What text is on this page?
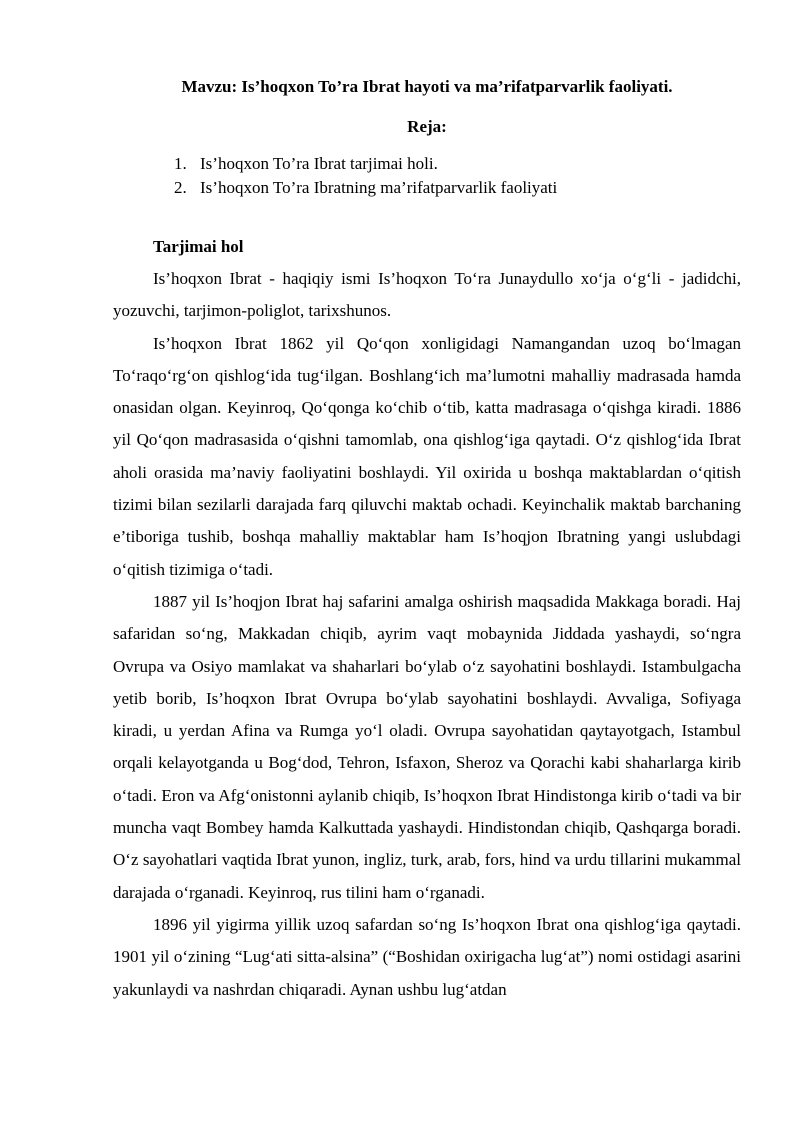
Mavzu: Is’hoqxon To’ra Ibrat hayoti va ma’rifatparvarlik faoliyati.
Reja:
1. Is’hoqxon To’ra Ibrat tarjimai holi.
2. Is’hoqxon To’ra Ibratning ma’rifatparvarlik faoliyati
Tarjimai hol

Is’hoqxon Ibrat - haqiqiy ismi Is’hoqxon To‘ra Junaydullo xo‘ja o‘g‘li - jadidchi, yozuvchi, tarjimon-poliglot, tarixshunos.

Is’hoqxon Ibrat 1862 yil Qo‘qon xonligidagi Namangandan uzoq bo‘lmagan To‘raqo‘rg‘on qishlog‘ida tug‘ilgan. Boshlang‘ich ma’lumotni mahalliy madrasada hamda onasidan olgan. Keyinroq, Qo‘qonga ko‘chib o‘tib, katta madrasaga o‘qishga kiradi. 1886 yil Qo‘qon madrasasida o‘qishni tamomlab, ona qishlog‘iga qaytadi. O‘z qishlog‘ida Ibrat aholi orasida ma’naviy faoliyatini boshlaydi. Yil oxirida u boshqa maktablardan o‘qitish tizimi bilan sezilarli darajada farq qiluvchi maktab ochadi. Keyinchalik maktab barchaning e’tiboriga tushib, boshqa mahalliy maktablar ham Is’hoqjon Ibratning yangi uslubdagi o‘qitish tizimiga o‘tadi.

1887 yil Is’hoqjon Ibrat haj safarini amalga oshirish maqsadida Makkaga boradi. Haj safaridan so‘ng, Makkadan chiqib, ayrim vaqt mobaynida Jiddada yashaydi, so‘ngra Ovrupa va Osiyo mamlakat va shaharlari bo‘ylab o‘z sayohatini boshlaydi. Istambulgacha yetib borib, Is’hoqxon Ibrat Ovrupa bo‘ylab sayohatini boshlaydi. Avvaliga, Sofiyaga kiradi, u yerdan Afina va Rumga yo‘l oladi. Ovrupa sayohatidan qaytayotgach, Istambul orqali kelayotganda u Bog‘dod, Tehron, Isfaxon, Sheroz va Qorachi kabi shaharlarga kirib o‘tadi. Eron va Afg‘onistonni aylanib chiqib, Is’hoqxon Ibrat Hindistonga kirib o‘tadi va bir muncha vaqt Bombey hamda Kalkuttada yashaydi. Hindistondan chiqib, Qashqarga boradi. O‘z sayohatlari vaqtida Ibrat yunon, ingliz, turk, arab, fors, hind va urdu tillarini mukammal darajada o‘rganadi. Keyinroq, rus tilini ham o‘rganadi.

1896 yil yigirma yillik uzoq safardan so‘ng Is’hoqxon Ibrat ona qishlog‘iga qaytadi. 1901 yil o‘zining “Lug‘ati sitta-alsina” (“Boshidan oxirigacha lug‘at”) nomi ostidagi asarini yakunlaydi va nashrdan chiqaradi. Aynan ushbu lug‘atdan
